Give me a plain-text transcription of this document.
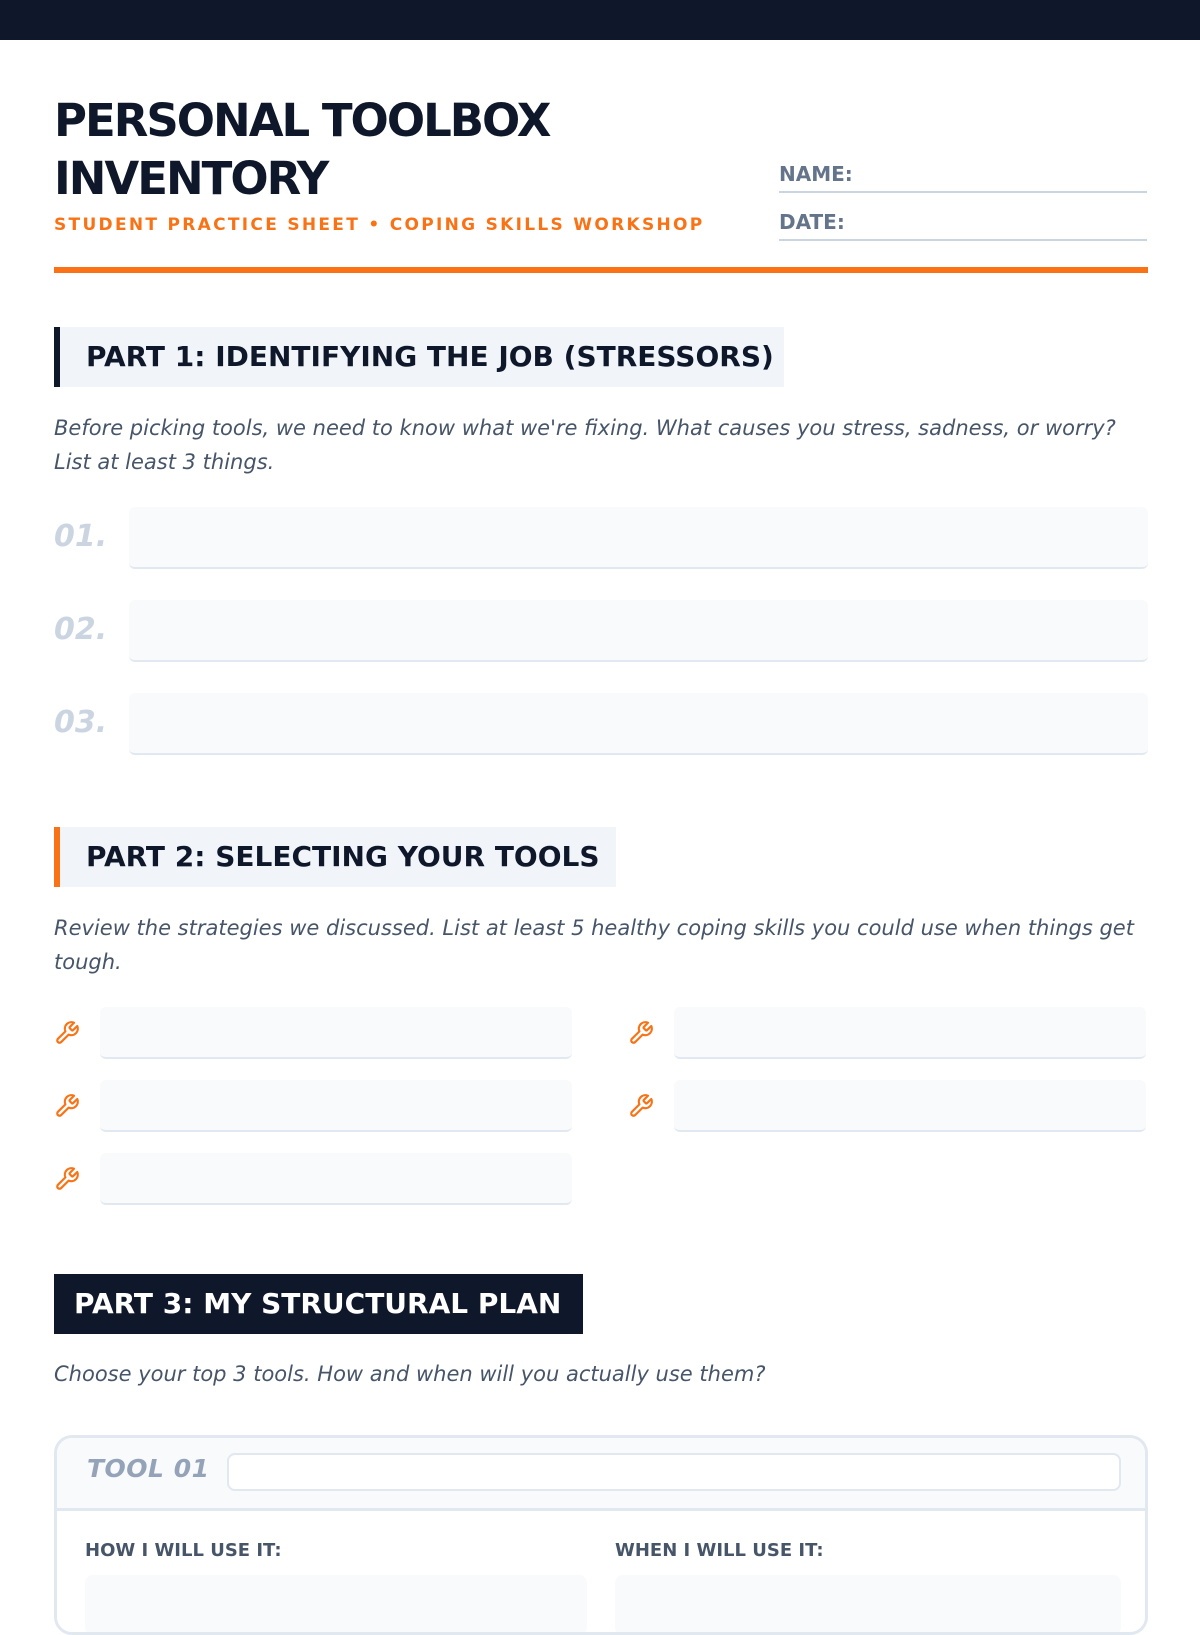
PERSONAL TOOLBOX INVENTORY
STUDENT PRACTICE SHEET • COPING SKILLS WORKSHOP
NAME:
DATE:
PART 1: IDENTIFYING THE JOB (STRESSORS)

Before picking tools, we need to know what we're fixing. What causes you stress, sadness, or worry? List at least 3 things.

01.
02.
03.
PART 2: SELECTING YOUR TOOLS

Review the strategies we discussed. List at least 5 healthy coping skills you could use when things get tough.

PART 3: MY STRUCTURAL PLAN

Choose your top 3 tools. How and when will you actually use them?

TOOL 01
HOW I WILL USE IT:	WHEN I WILL USE IT:
